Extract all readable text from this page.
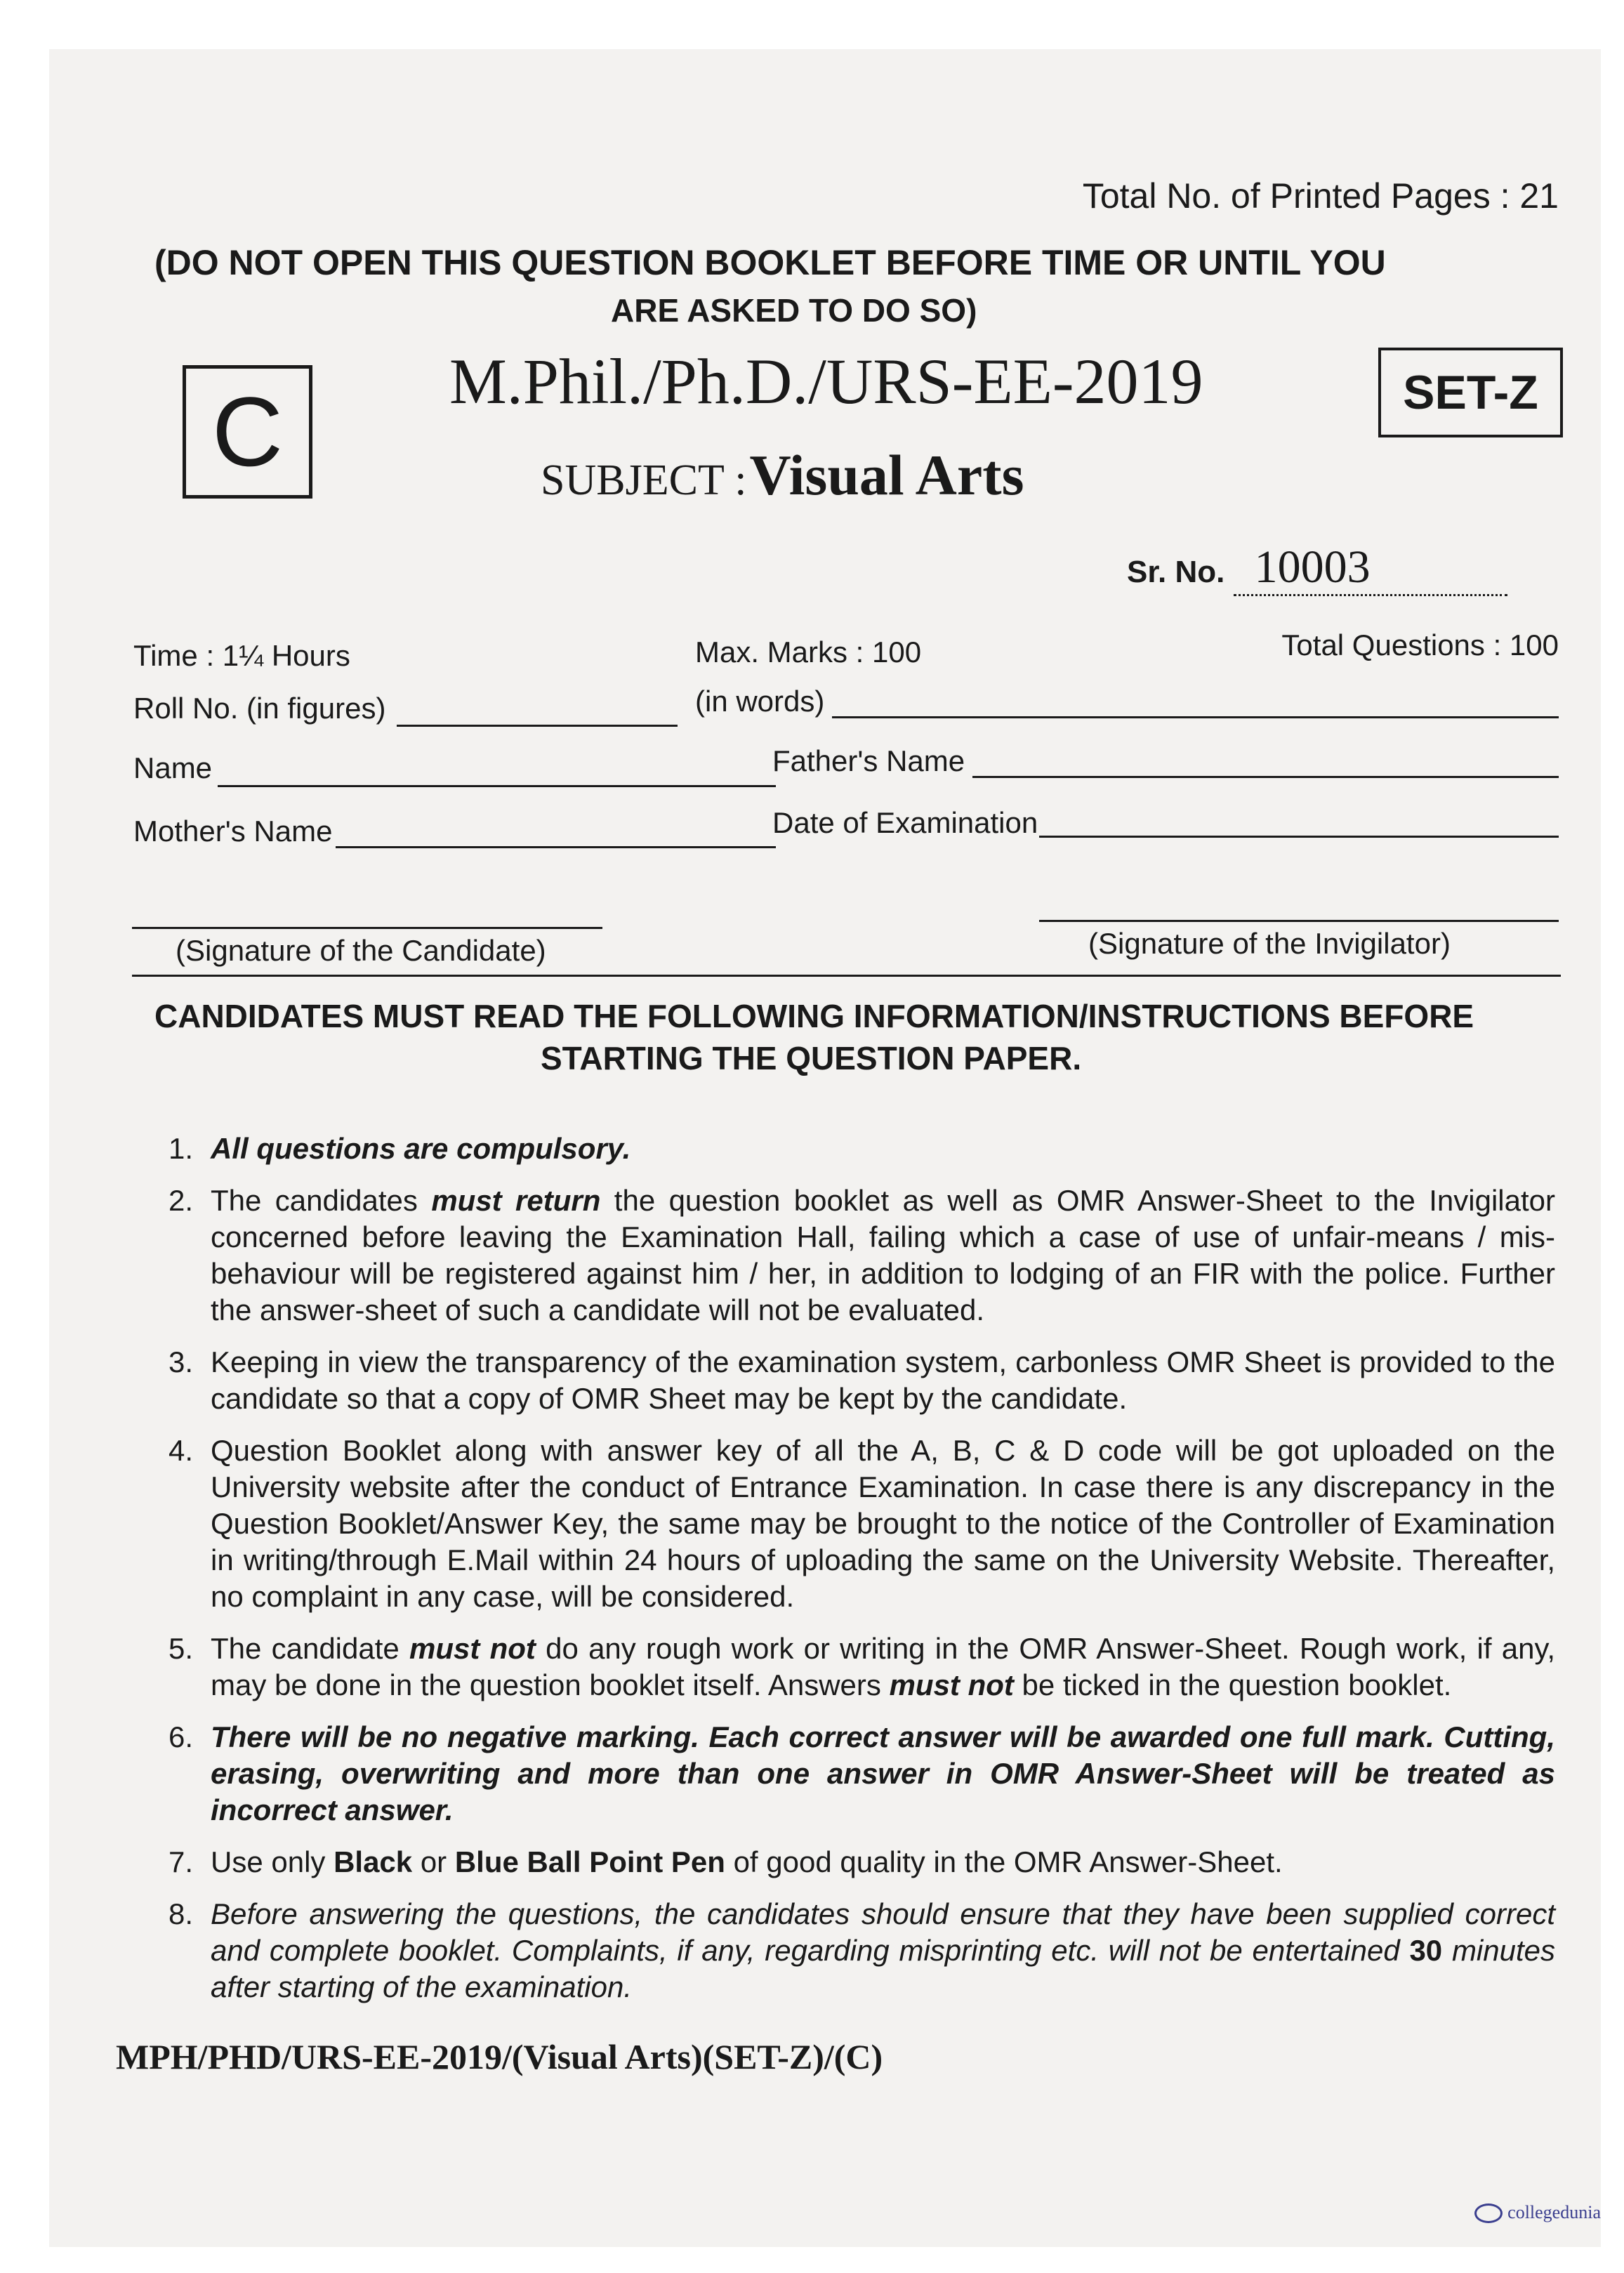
Total No. of Printed Pages : 21
(DO NOT OPEN THIS QUESTION BOOKLET BEFORE TIME OR UNTIL YOU
ARE ASKED TO DO SO)
C	SET-Z
M.Phil./Ph.D./URS-EE-2019
SUBJECT : Visual Arts
Sr. No. 10003
Time : 1¼ Hours	Max. Marks : 100	Total Questions : 100
Roll No. (in figures)	(in words)
Name	Father's Name
Mother's Name	Date of Examination
(Signature of the Candidate)	(Signature of the Invigilator)
CANDIDATES MUST READ THE FOLLOWING INFORMATION/INSTRUCTIONS BEFORE
STARTING THE QUESTION PAPER.
1. All questions are compulsory.
2. The candidates must return the question booklet as well as OMR Answer-Sheet to the Invigilator concerned before leaving the Examination Hall, failing which a case of use of unfair-means / mis-behaviour will be registered against him / her, in addition to lodging of an FIR with the police. Further the answer-sheet of such a candidate will not be evaluated.
3. Keeping in view the transparency of the examination system, carbonless OMR Sheet is provided to the candidate so that a copy of OMR Sheet may be kept by the candidate.
4. Question Booklet along with answer key of all the A, B, C & D code will be got uploaded on the University website after the conduct of Entrance Examination. In case there is any discrepancy in the Question Booklet/Answer Key, the same may be brought to the notice of the Controller of Examination in writing/through E.Mail within 24 hours of uploading the same on the University Website. Thereafter, no complaint in any case, will be considered.
5. The candidate must not do any rough work or writing in the OMR Answer-Sheet. Rough work, if any, may be done in the question booklet itself. Answers must not be ticked in the question booklet.
6. There will be no negative marking. Each correct answer will be awarded one full mark. Cutting, erasing, overwriting and more than one answer in OMR Answer-Sheet will be treated as incorrect answer.
7. Use only Black or Blue Ball Point Pen of good quality in the OMR Answer-Sheet.
8. Before answering the questions, the candidates should ensure that they have been supplied correct and complete booklet. Complaints, if any, regarding misprinting etc. will not be entertained 30 minutes after starting of the examination.
MPH/PHD/URS-EE-2019/(Visual Arts)(SET-Z)/(C)
collegedunia
